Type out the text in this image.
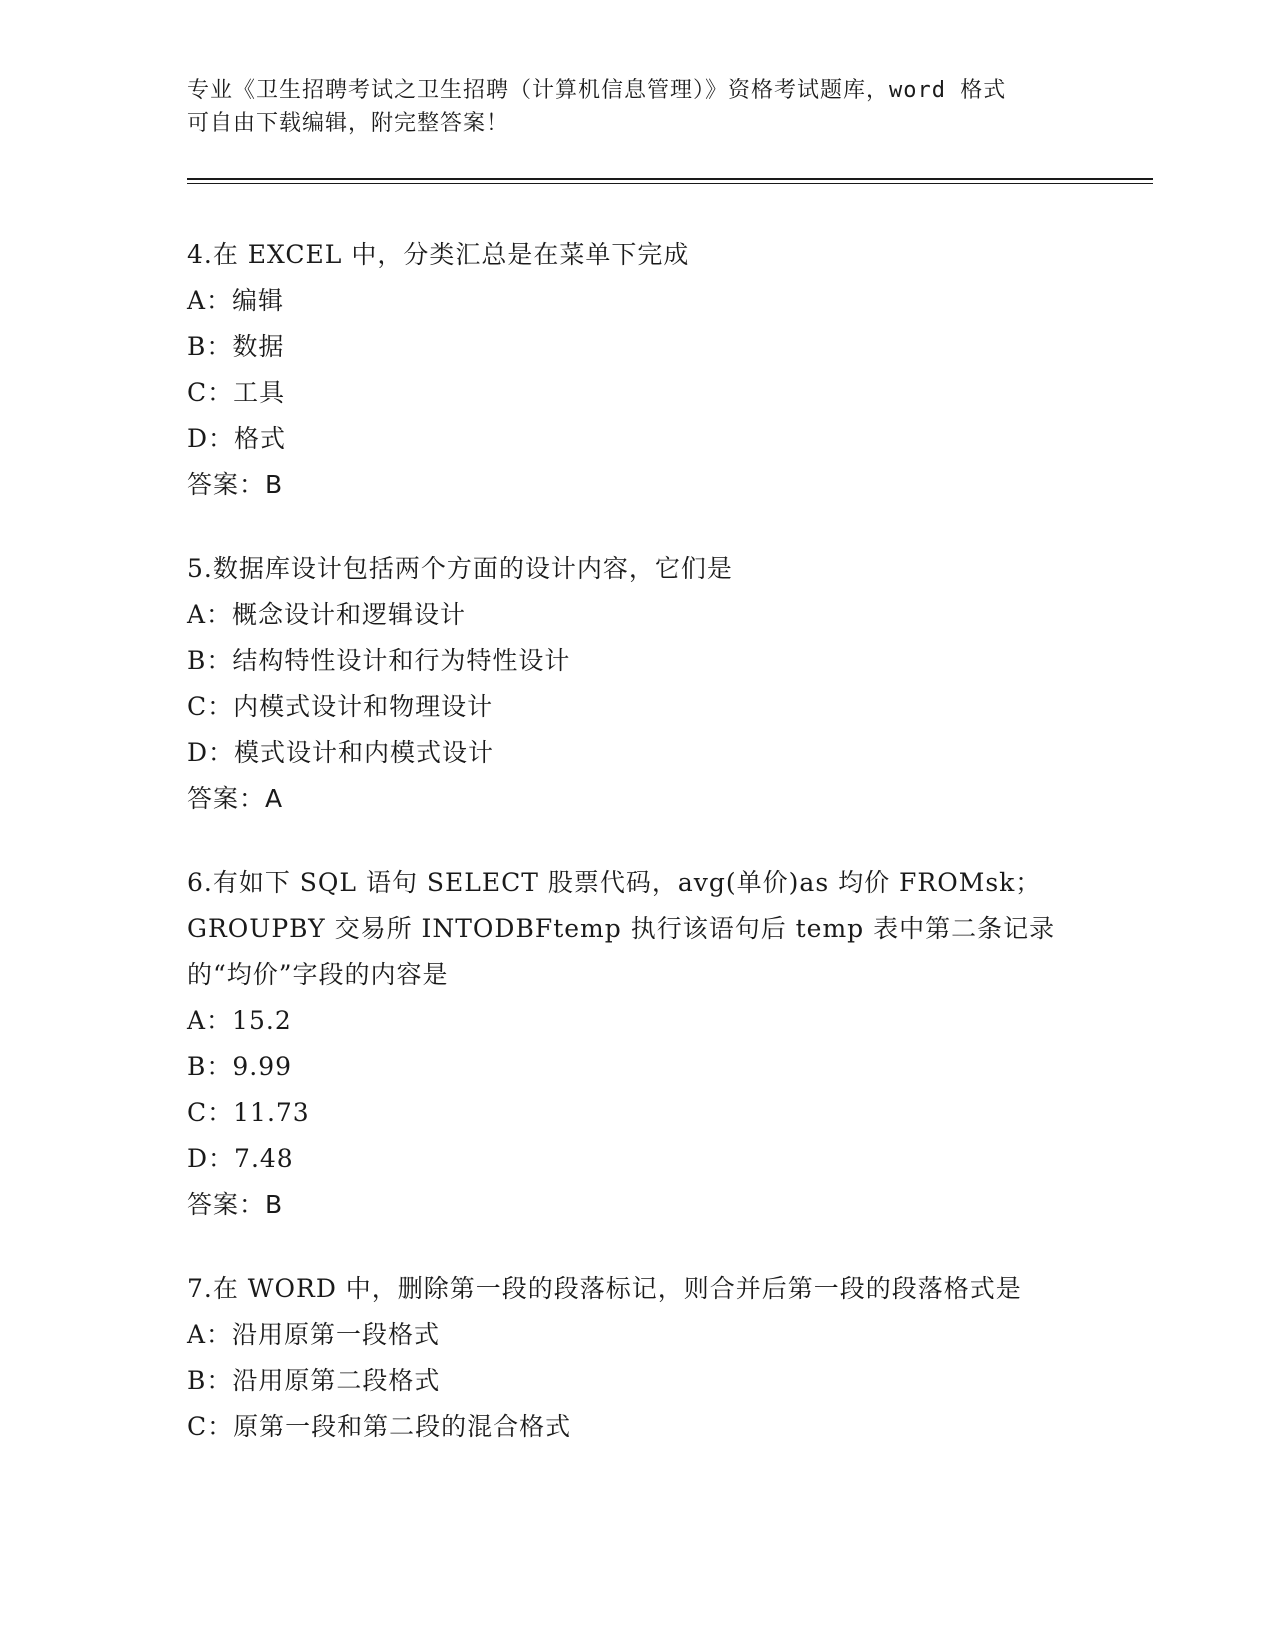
专业《卫生招聘考试之卫生招聘（计算机信息管理）》资格考试题库，word 格式
可自由下载编辑，附完整答案！
4.在 EXCEL 中，分类汇总是在菜单下完成
A：编辑
B：数据
C：工具
D：格式
答案：B
5.数据库设计包括两个方面的设计内容，它们是
A：概念设计和逻辑设计
B：结构特性设计和行为特性设计
C：内模式设计和物理设计
D：模式设计和内模式设计
答案：A
6.有如下 SQL 语句 SELECT 股票代码，avg(单价)as 均价 FROMsk；GROUPBY 交易所 INTODBFtemp 执行该语句后 temp 表中第二条记录的“均价”字段的内容是
A：15.2
B：9.99
C：11.73
D：7.48
答案：B
7.在 WORD 中，删除第一段的段落标记，则合并后第一段的段落格式是
A：沿用原第一段格式
B：沿用原第二段格式
C：原第一段和第二段的混合格式
